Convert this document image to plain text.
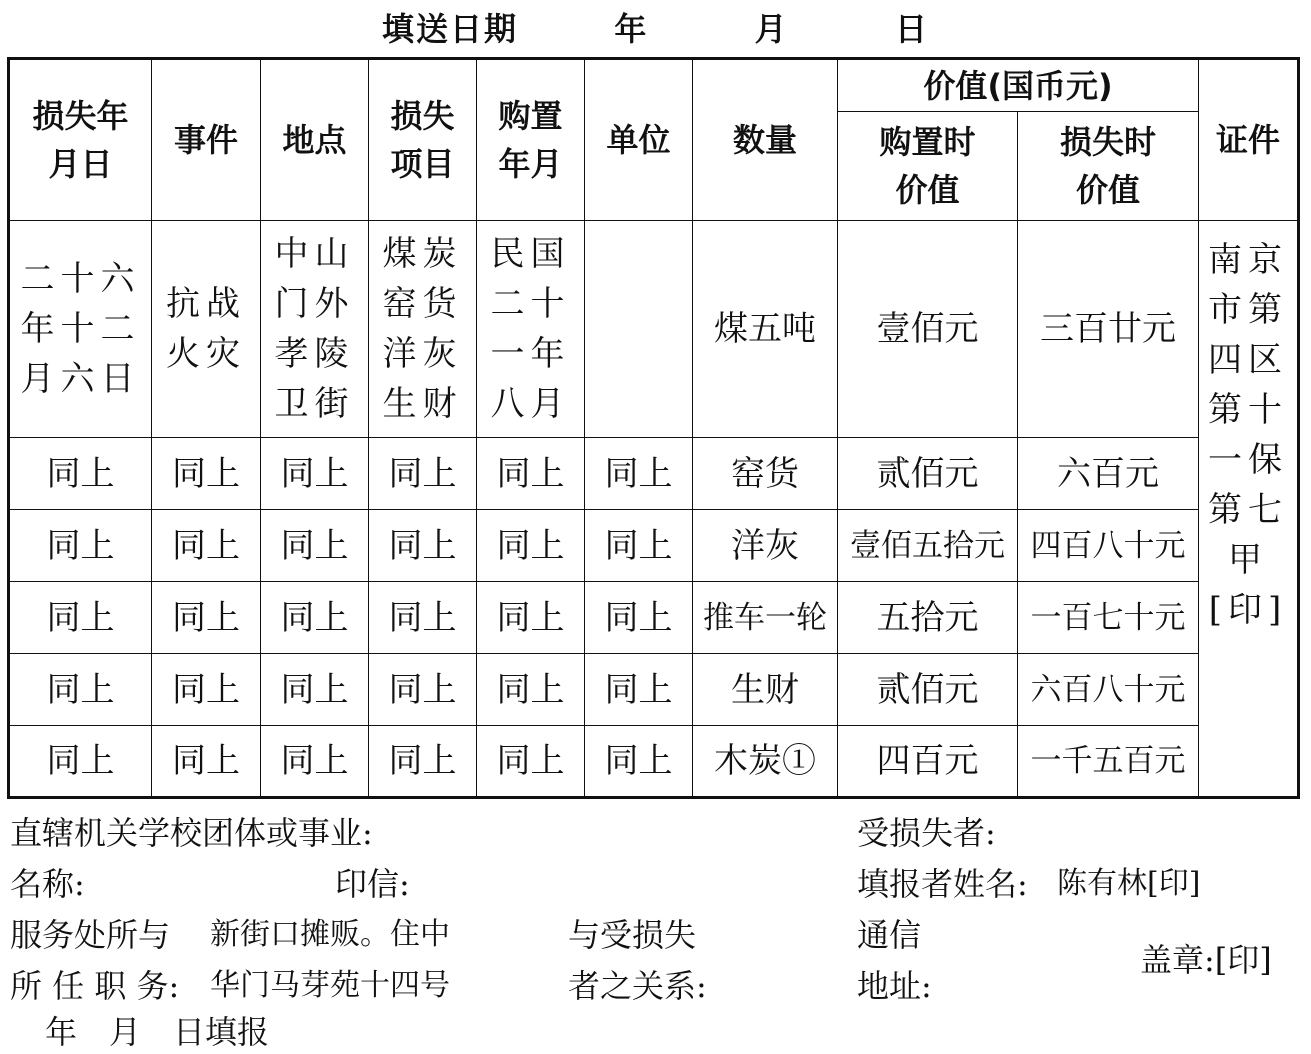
填送日期	年	月	日
损失年月日	事件	地点	损失项目	购置年月	单位	数量	价值(国币元)		证件
							购置时价值	损失时价值	
二十六年十二月六日	抗战火灾	中山门外孝陵卫街	煤炭窑货洋灰生财	民国二十一年八月		煤五吨	壹佰元	三百廿元	南京市第四区第十一保第七甲[印]
同上	同上	同上	同上	同上	同上	窑货	贰佰元	六百元	
同上	同上	同上	同上	同上	同上	洋灰	壹佰五拾元	四百八十元	
同上	同上	同上	同上	同上	同上	推车一轮	五拾元	一百七十元	
同上	同上	同上	同上	同上	同上	生财	贰佰元	六百八十元	
同上	同上	同上	同上	同上	同上	木炭①	四百元	一千五百元	
直辖机关学校团体或事业:
名称:	印信:
服务处所与 新街口摊贩。住中
所 任 职 务: 华门马芽苑十四号
与受损失
者之关系:
受损失者:
填报者姓名: 陈有林[印]
通信
地址:
盖章:[印]
年　月　日填报
